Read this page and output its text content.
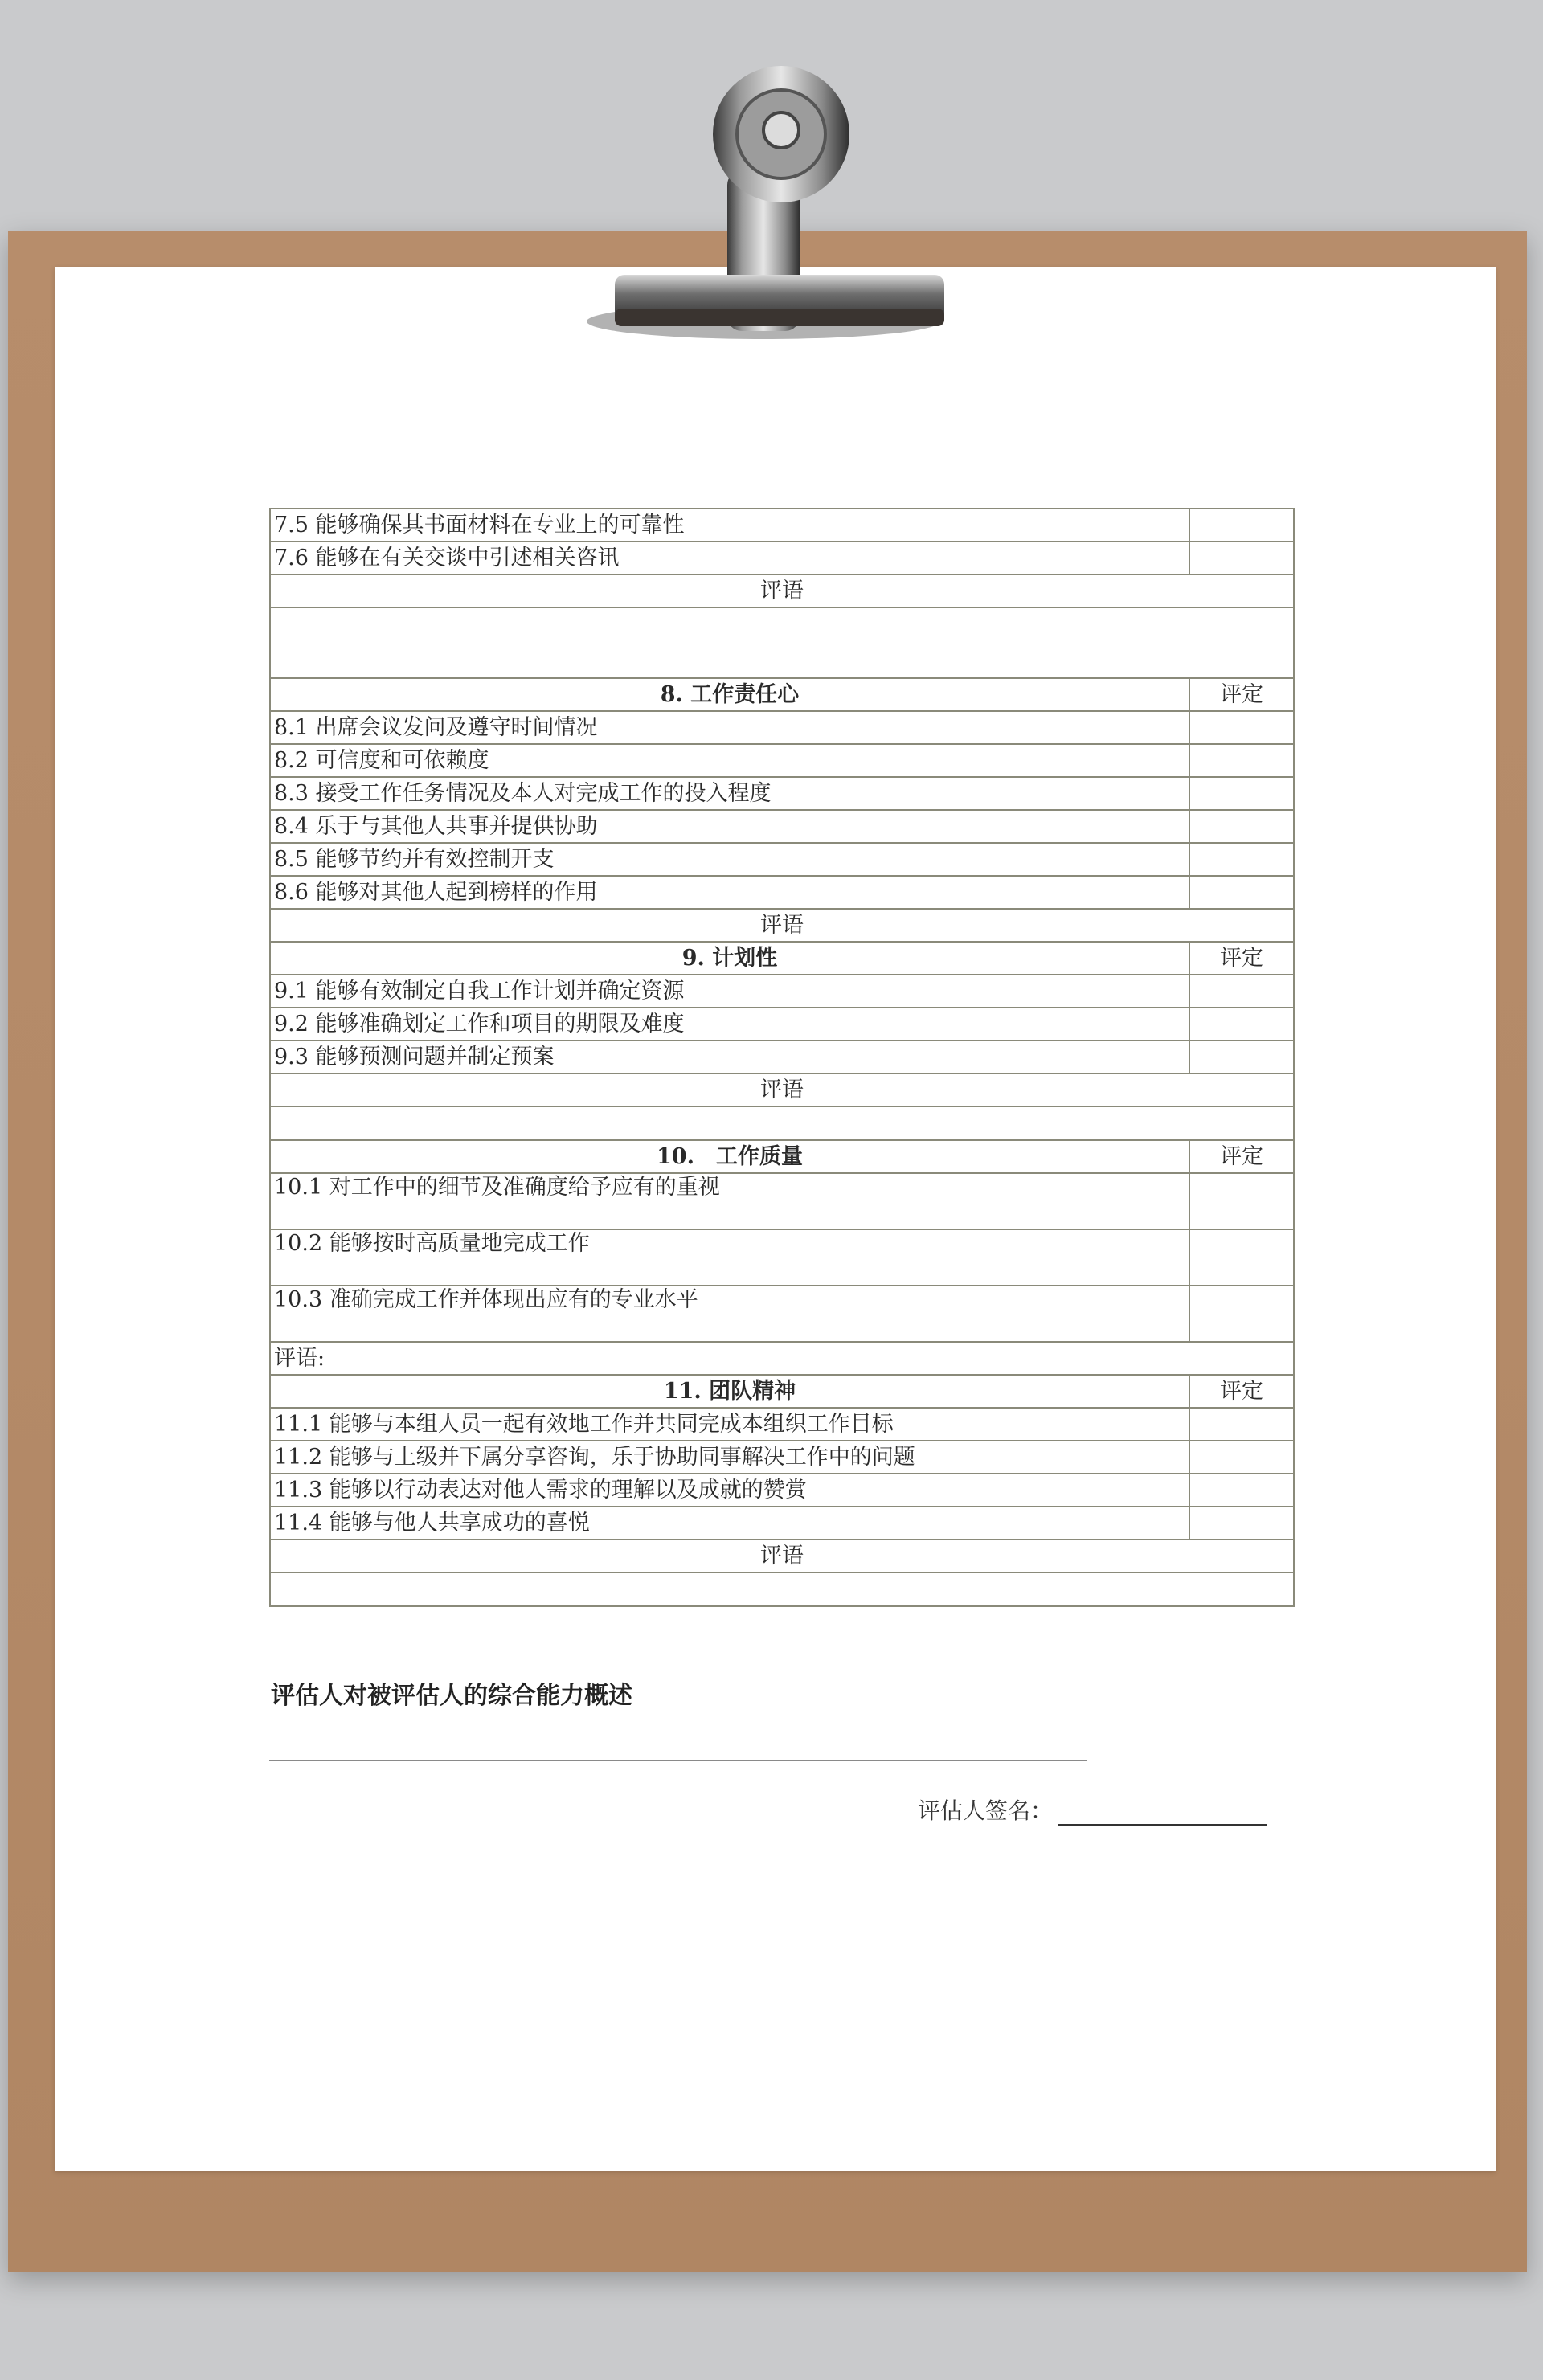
7.5 能够确保其书面材料在专业上的可靠性	
7.6 能够在有关交谈中引述相关咨讯	
评语	

8. 工作责任心	评定
8.1 出席会议发问及遵守时间情况	
8.2 可信度和可依赖度	
8.3 接受工作任务情况及本人对完成工作的投入程度	
8.4 乐于与其他人共事并提供协助	
8.5 能够节约并有效控制开支	
8.6 能够对其他人起到榜样的作用	
评语	
9. 计划性	评定
9.1 能够有效制定自我工作计划并确定资源	
9.2 能够准确划定工作和项目的期限及难度	
9.3 能够预测问题并制定预案	
评语	

10.　工作质量	评定
10.1 对工作中的细节及准确度给予应有的重视	
10.2 能够按时高质量地完成工作	
10.3 准确完成工作并体现出应有的专业水平	
评语:	
11. 团队精神	评定
11.1 能够与本组人员一起有效地工作并共同完成本组织工作目标	
11.2 能够与上级并下属分享咨询，乐于协助同事解决工作中的问题	
11.3 能够以行动表达对他人需求的理解以及成就的赞赏	
11.4 能够与他人共享成功的喜悦	
评语	

评估人对被评估人的综合能力概述
评估人签名：
